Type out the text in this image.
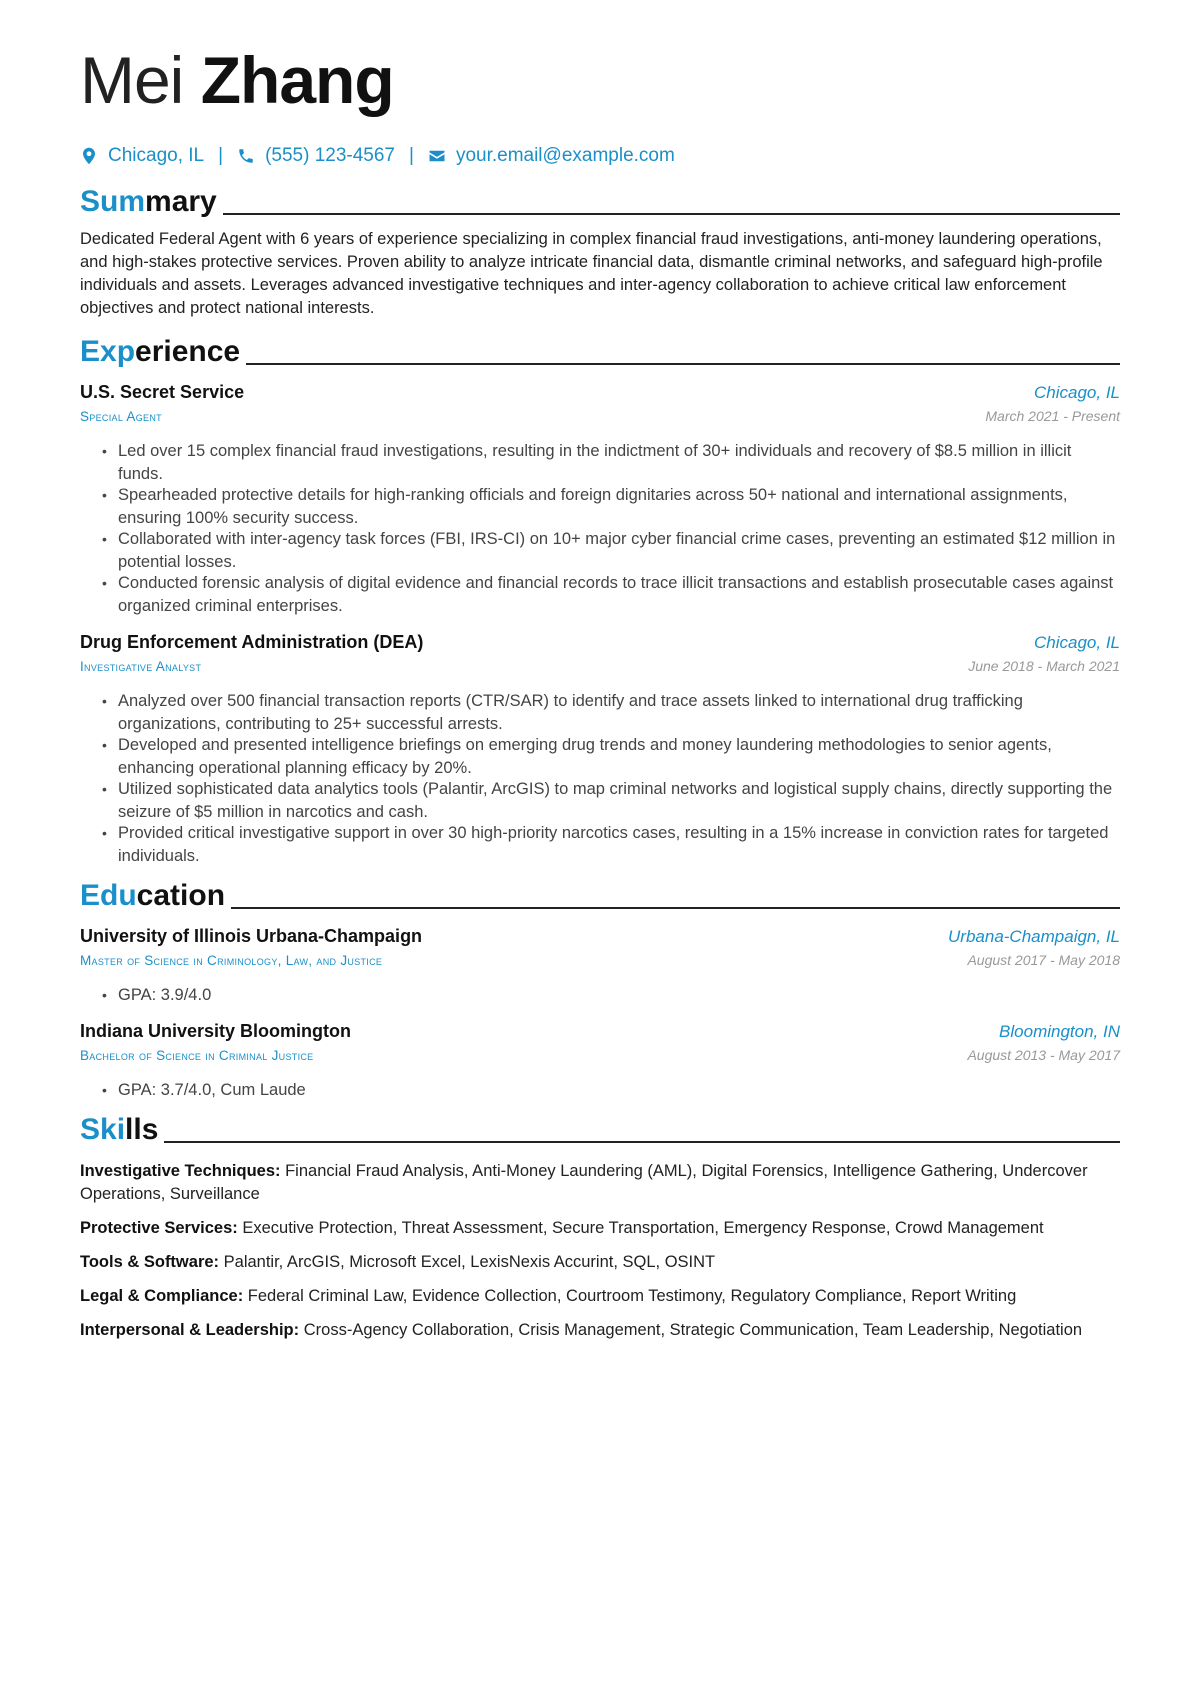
Mei Zhang
Chicago, IL | (555) 123-4567 | your.email@example.com
Summary

Dedicated Federal Agent with 6 years of experience specializing in complex financial fraud investigations, anti-money laundering operations, and high-stakes protective services. Proven ability to analyze intricate financial data, dismantle criminal networks, and safeguard high-profile individuals and assets. Leverages advanced investigative techniques and inter-agency collaboration to achieve critical law enforcement objectives and protect national interests.

Experience
U.S. Secret Service	Chicago, IL
Special Agent	March 2021 - Present
• Led over 15 complex financial fraud investigations, resulting in the indictment of 30+ individuals and recovery of $8.5 million in illicit funds.
• Spearheaded protective details for high-ranking officials and foreign dignitaries across 50+ national and international assignments, ensuring 100% security success.
• Collaborated with inter-agency task forces (FBI, IRS-CI) on 10+ major cyber financial crime cases, preventing an estimated $12 million in potential losses.
• Conducted forensic analysis of digital evidence and financial records to trace illicit transactions and establish prosecutable cases against organized criminal enterprises.
Drug Enforcement Administration (DEA)	Chicago, IL
Investigative Analyst	June 2018 - March 2021
• Analyzed over 500 financial transaction reports (CTR/SAR) to identify and trace assets linked to international drug trafficking organizations, contributing to 25+ successful arrests.
• Developed and presented intelligence briefings on emerging drug trends and money laundering methodologies to senior agents, enhancing operational planning efficacy by 20%.
• Utilized sophisticated data analytics tools (Palantir, ArcGIS) to map criminal networks and logistical supply chains, directly supporting the seizure of $5 million in narcotics and cash.
• Provided critical investigative support in over 30 high-priority narcotics cases, resulting in a 15% increase in conviction rates for targeted individuals.
Education
University of Illinois Urbana-Champaign	Urbana-Champaign, IL
Master of Science in Criminology, Law, and Justice	August 2017 - May 2018
• GPA: 3.9/4.0
Indiana University Bloomington	Bloomington, IN
Bachelor of Science in Criminal Justice	August 2013 - May 2017
• GPA: 3.7/4.0, Cum Laude
Skills

Investigative Techniques: Financial Fraud Analysis, Anti-Money Laundering (AML), Digital Forensics, Intelligence Gathering, Undercover Operations, Surveillance

Protective Services: Executive Protection, Threat Assessment, Secure Transportation, Emergency Response, Crowd Management

Tools & Software: Palantir, ArcGIS, Microsoft Excel, LexisNexis Accurint, SQL, OSINT

Legal & Compliance: Federal Criminal Law, Evidence Collection, Courtroom Testimony, Regulatory Compliance, Report Writing

Interpersonal & Leadership: Cross-Agency Collaboration, Crisis Management, Strategic Communication, Team Leadership, Negotiation
